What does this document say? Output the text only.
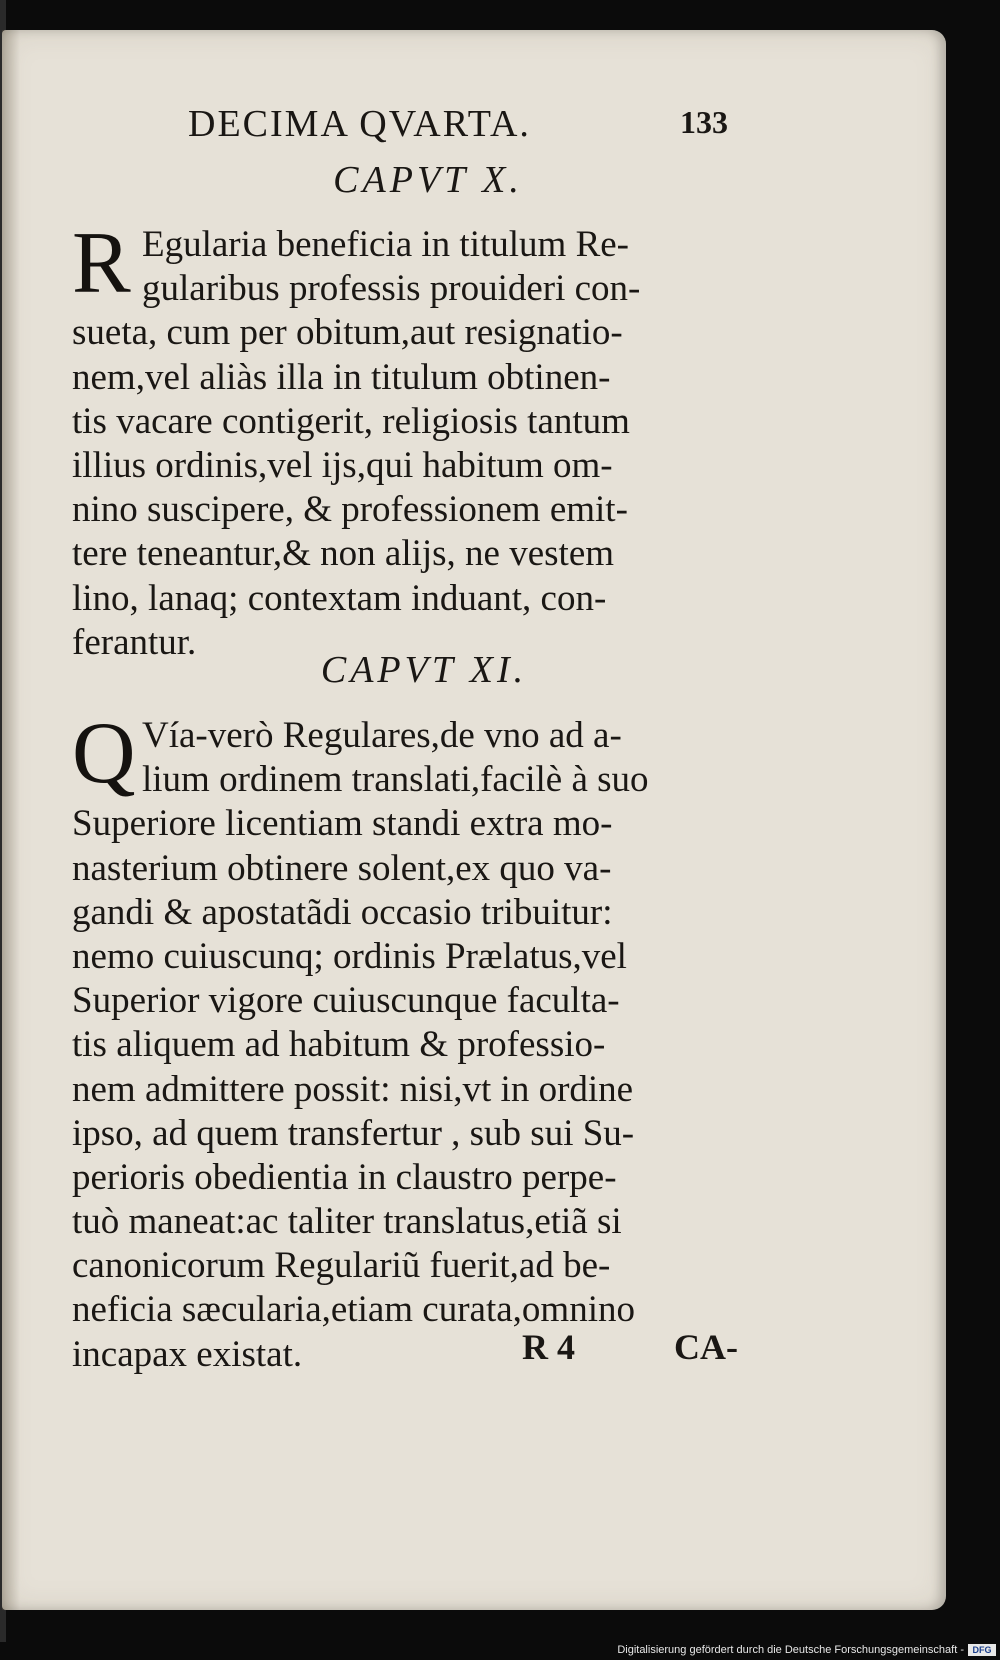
DECIMA QVARTA.	133
CAPVT X.
R Egularia beneficia in titulum Re-
gularibus professis prouideri con-
sueta, cum per obitum,aut resignatio-
nem,vel aliàs illa in titulum obtinen-
tis vacare contigerit, religiosis tantum
illius ordinis,vel ijs,qui habitum om-
nino suscipere, & professionem emit-
tere teneantur,& non alijs, ne vestem
lino, lanaq; contextam induant, con-
ferantur.
CAPVT XI.
Q Vía-verò Regulares,de vno ad a-
lium ordinem translati,facilè à suo
Superiore licentiam standi extra mo-
nasterium obtinere solent,ex quo va-
gandi & apostatãdi occasio tribuitur:
nemo cuiuscunq; ordinis Prælatus,vel
Superior vigore cuiuscunque faculta-
tis aliquem ad habitum & professio-
nem admittere possit: nisi,vt in ordine
ipso, ad quem transfertur , sub sui Su-
perioris obedientia in claustro perpe-
tuò maneat:ac taliter translatus,etiã si
canonicorum Regulariũ fuerit,ad be-
neficia sæcularia,etiam curata,omnino
incapax existat.	R 4	CA-
Digitalisierung gefördert durch die Deutsche Forschungsgemeinschaft - DFG
